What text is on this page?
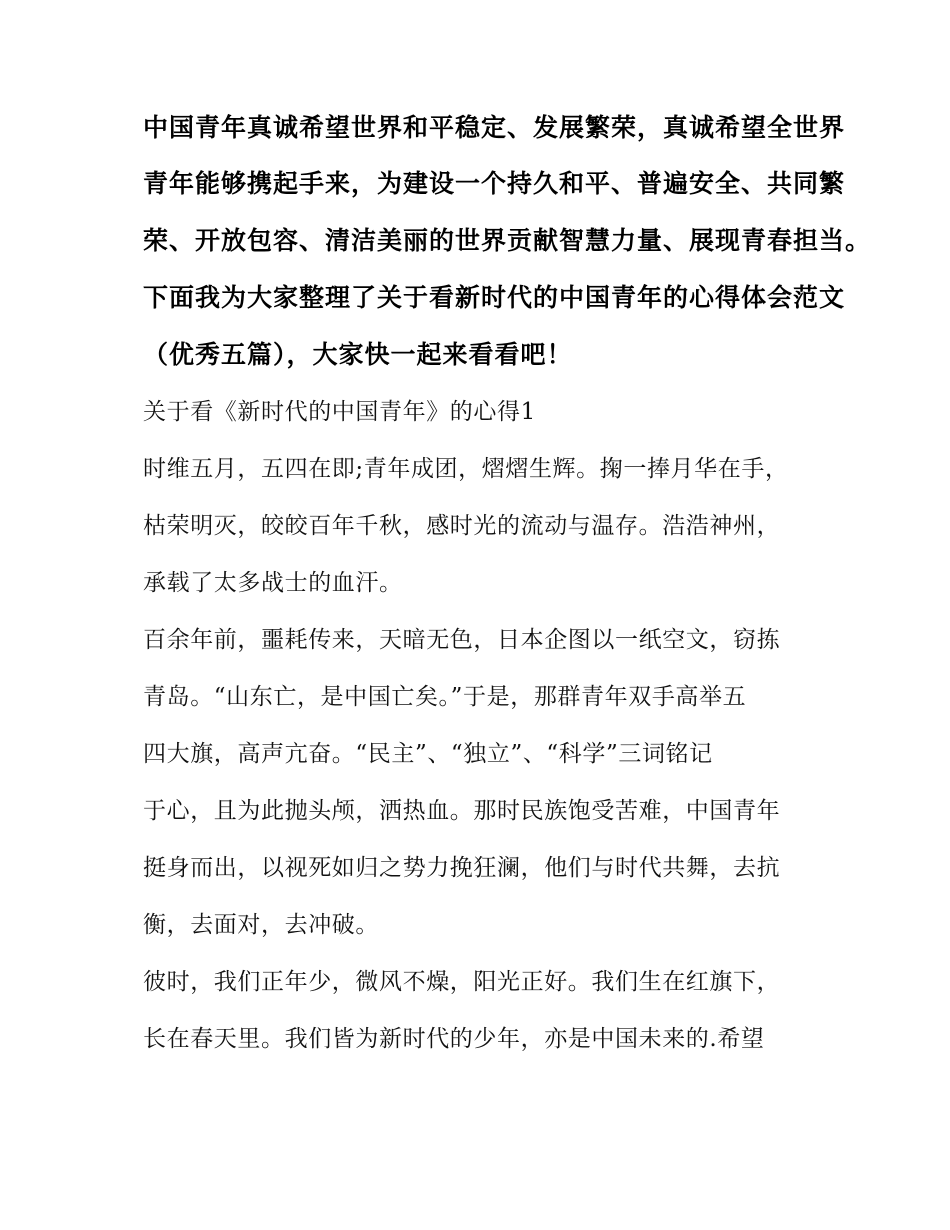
中国青年真诚希望世界和平稳定、发展繁荣，真诚希望全世界
青年能够携起手来，为建设一个持久和平、普遍安全、共同繁
荣、开放包容、清洁美丽的世界贡献智慧力量、展现青春担当。
下面我为大家整理了关于看新时代的中国青年的心得体会范文
（优秀五篇），大家快一起来看看吧！
关于看《新时代的中国青年》的心得1
时维五月，五四在即;青年成团，熠熠生辉。掬一捧月华在手，
枯荣明灭，皎皎百年千秋，感时光的流动与温存。浩浩神州，
承载了太多战士的血汗。
百余年前，噩耗传来，天暗无色，日本企图以一纸空文，窃拣
青岛。“山东亡，是中国亡矣。”于是，那群青年双手高举五
四大旗，高声亢奋。“民主”、“独立”、“科学”三词铭记
于心，且为此抛头颅，洒热血。那时民族饱受苦难，中国青年
挺身而出，以视死如归之势力挽狂澜，他们与时代共舞，去抗
衡，去面对，去冲破。
彼时，我们正年少，微风不燥，阳光正好。我们生在红旗下，
长在春天里。我们皆为新时代的少年，亦是中国未来的.希望
